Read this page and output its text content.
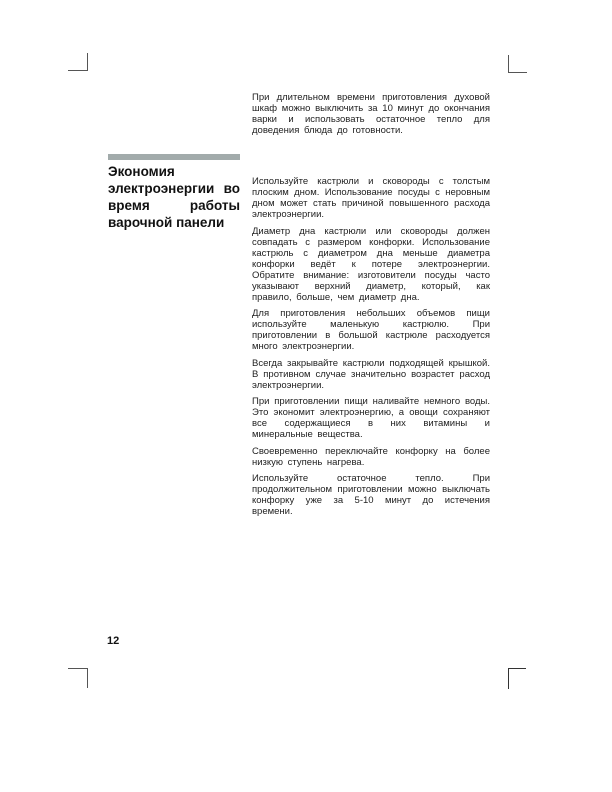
При длительном времени приготовления духовой шкаф можно выключить за 10 минут до окончания варки и использовать остаточное тепло для доведения блюда до готовности.

Экономия электроэнергии во время работы варочной панели

Используйте кастрюли и сковороды с толстым плоским дном. Использование посуды с неровным дном может стать причиной повышенного расхода электроэнергии.

Диаметр дна кастрюли или сковороды должен совпадать с размером конфорки. Использование кастрюль с диаметром дна меньше диаметра конфорки ведёт к потере электроэнергии. Обратите внимание: изготовители посуды часто указывают верхний диаметр, который, как правило, больше, чем диаметр дна.

Для приготовления небольших объемов пищи используйте маленькую кастрюлю. При приготовлении в большой кастрюле расходуется много электроэнергии.

Всегда закрывайте кастрюли подходящей крышкой. В противном случае значительно возрастет расход электроэнергии.

При приготовлении пищи наливайте немного воды. Это экономит электроэнергию, а овощи сохраняют все содержащиеся в них витамины и минеральные вещества.

Своевременно переключайте конфорку на более низкую ступень нагрева.

Используйте остаточное тепло. При продолжительном приготовлении можно выключать конфорку уже за 5-10 минут до истечения времени.

12
